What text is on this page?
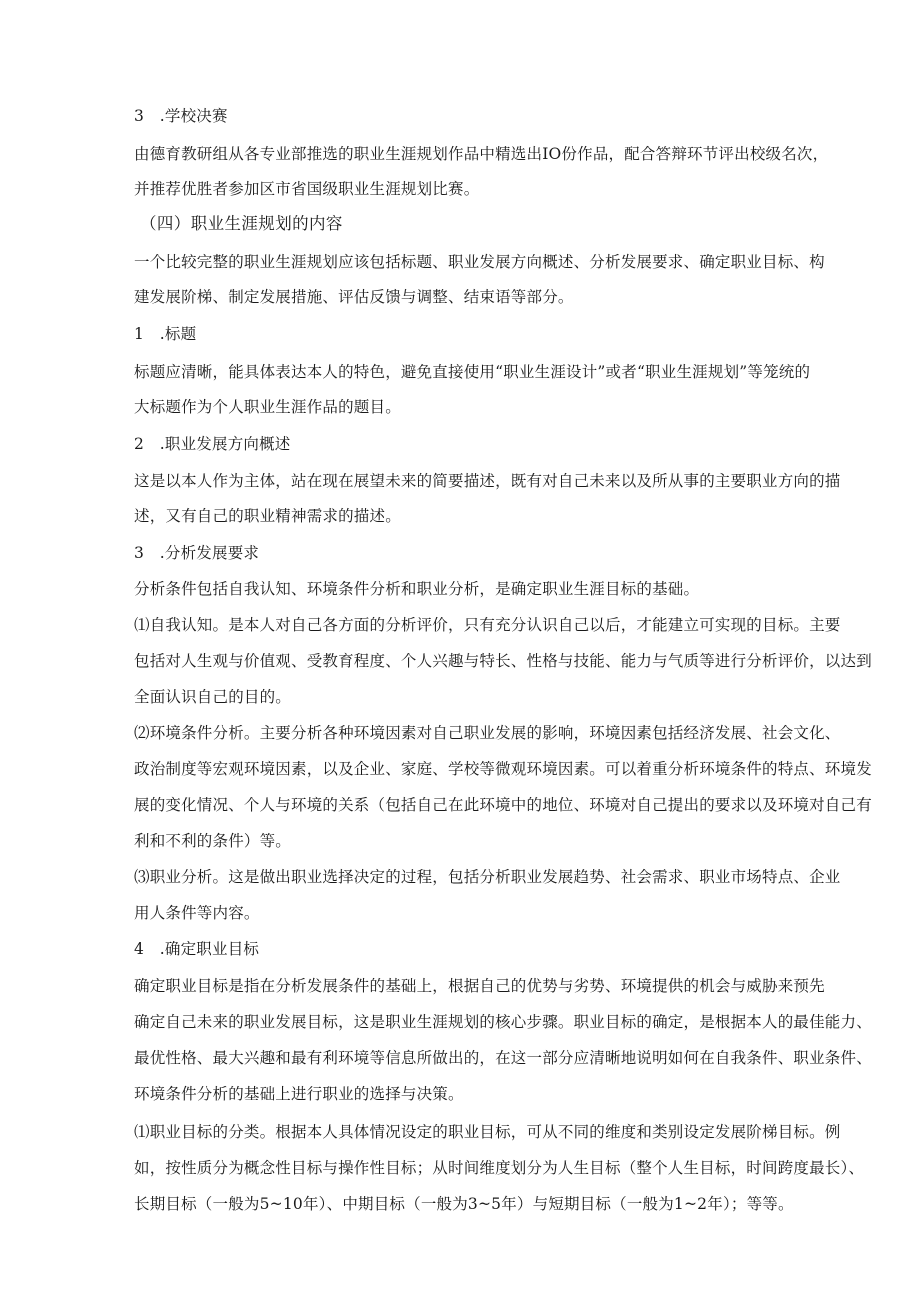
3　.学校决赛
由德育教研组从各专业部推选的职业生涯规划作品中精选出IO份作品，配合答辩环节评出校级名次，
并推荐优胜者参加区市省国级职业生涯规划比赛。
（四）职业生涯规划的内容
一个比较完整的职业生涯规划应该包括标题、职业发展方向概述、分析发展要求、确定职业目标、构
建发展阶梯、制定发展措施、评估反馈与调整、结束语等部分。
1　.标题
标题应清晰，能具体表达本人的特色，避免直接使用“职业生涯设计”或者“职业生涯规划”等笼统的
大标题作为个人职业生涯作品的题目。
2　.职业发展方向概述
这是以本人作为主体，站在现在展望未来的简要描述，既有对自己未来以及所从事的主要职业方向的描
述，又有自己的职业精神需求的描述。
3　.分析发展要求
分析条件包括自我认知、环境条件分析和职业分析，是确定职业生涯目标的基础。
⑴自我认知。是本人对自己各方面的分析评价，只有充分认识自己以后，才能建立可实现的目标。主要
包括对人生观与价值观、受教育程度、个人兴趣与特长、性格与技能、能力与气质等进行分析评价，以达到
全面认识自己的目的。
⑵环境条件分析。主要分析各种环境因素对自己职业发展的影响，环境因素包括经济发展、社会文化、
政治制度等宏观环境因素，以及企业、家庭、学校等微观环境因素。可以着重分析环境条件的特点、环境发
展的变化情况、个人与环境的关系（包括自己在此环境中的地位、环境对自己提出的要求以及环境对自己有
利和不利的条件）等。
⑶职业分析。这是做出职业选择决定的过程，包括分析职业发展趋势、社会需求、职业市场特点、企业
用人条件等内容。
4　.确定职业目标
确定职业目标是指在分析发展条件的基础上，根据自己的优势与劣势、环境提供的机会与威胁来预先
确定自己未来的职业发展目标，这是职业生涯规划的核心步骤。职业目标的确定，是根据本人的最佳能力、
最优性格、最大兴趣和最有利环境等信息所做出的，在这一部分应清晰地说明如何在自我条件、职业条件、
环境条件分析的基础上进行职业的选择与决策。
⑴职业目标的分类。根据本人具体情况设定的职业目标，可从不同的维度和类别设定发展阶梯目标。例
如，按性质分为概念性目标与操作性目标；从时间维度划分为人生目标（整个人生目标，时间跨度最长）、
长期目标（一般为5~10年）、中期目标（一般为3~5年）与短期目标（一般为1~2年）；等等。
